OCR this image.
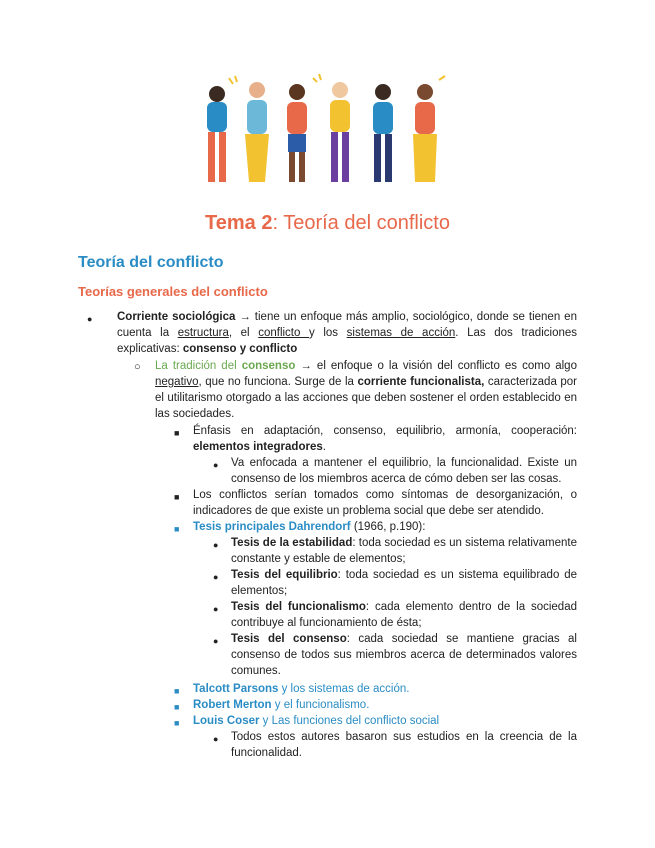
Tema 2: Teoría del conflicto
Teoría del conflicto
Teorías generales del conflicto
● Corriente sociológica → tiene un enfoque más amplio, sociológico, donde se tienen en cuenta la estructura, el conflicto y los sistemas de acción. Las dos tradiciones explicativas: consenso y conflicto
○ La tradición del consenso → el enfoque o la visión del conflicto es como algo negativo, que no funciona. Surge de la corriente funcionalista, caracterizada por el utilitarismo otorgado a las acciones que deben sostener el orden establecido en las sociedades.
■ Énfasis en adaptación, consenso, equilibrio, armonía, cooperación: elementos integradores.
● Va enfocada a mantener el equilibrio, la funcionalidad. Existe un consenso de los miembros acerca de cómo deben ser las cosas.
■ Los conflictos serían tomados como síntomas de desorganización, o indicadores de que existe un problema social que debe ser atendido.
■ Tesis principales Dahrendorf (1966, p.190):
● Tesis de la estabilidad: toda sociedad es un sistema relativamente constante y estable de elementos;
● Tesis del equilibrio: toda sociedad es un sistema equilibrado de elementos;
● Tesis del funcionalismo: cada elemento dentro de la sociedad contribuye al funcionamiento de ésta;
● Tesis del consenso: cada sociedad se mantiene gracias al consenso de todos sus miembros acerca de determinados valores comunes.
■ Talcott Parsons y los sistemas de acción.
■ Robert Merton y el funcionalismo.
■ Louis Coser y Las funciones del conflicto social
● Todos estos autores basaron sus estudios en la creencia de la funcionalidad.
